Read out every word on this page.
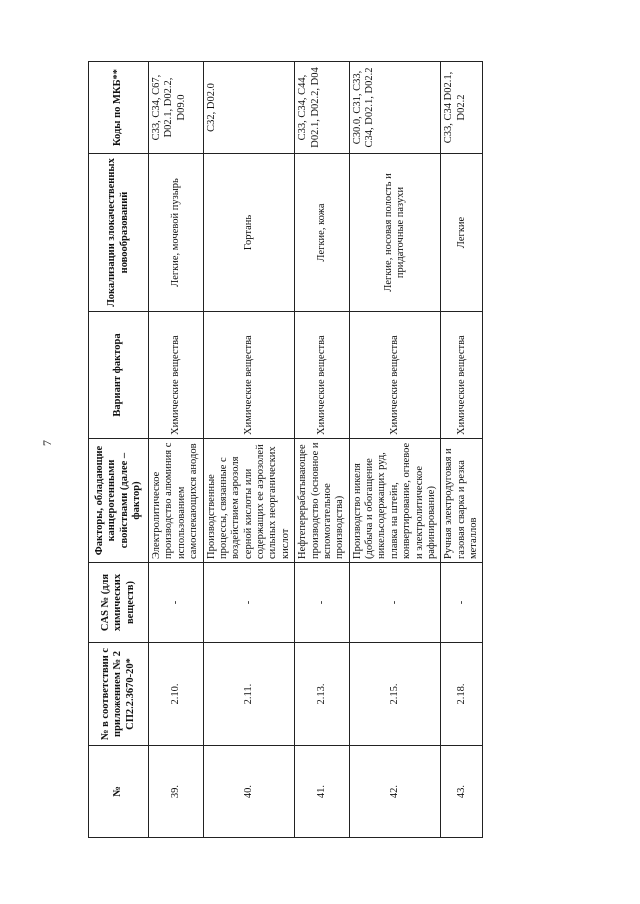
7
№	№ в соответствии с приложением № 2 СП2.2.3670-20*	CAS № (для химических веществ)	Факторы, обладающие канцерогенными свойствами (далее – фактор)	Вариант фактора	Локализации злокачественных новообразований	Коды по МКБ**
39.	2.10.	-	Электролитическое производство алюминия с использованием самоспекающихся анодов	Химические вещества	Легкие, мочевой пузырь	С33, С34, С67, D02.1, D02.2, D09.0
40.	2.11.	-	Производственные процессы, связанные с воздействием аэрозоля серной кислоты или содержащих ее аэрозолей сильных неорганических кислот	Химические вещества	Гортань	С32, D02.0
41.	2.13.	-	Нефтеперерабатывающее производство (основное и вспомогательное производства)	Химические вещества	Легкие, кожа	С33, С34, С44, D02.1, D02.2, D04
42.	2.15.	-	Производство никеля (добыча и обогащение никельсодержащих руд, плавка на штейн, конвертирование, огневое и электролитическое рафинирование)	Химические вещества	Легкие, носовая полость и придаточные пазухи	С30.0, С31, С33, С34, D02.1, D02.2
43.	2.18.	-	Ручная электродуговая и газовая сварка и резка металлов	Химические вещества	Легкие	С33, С34 D02.1, D02.2
